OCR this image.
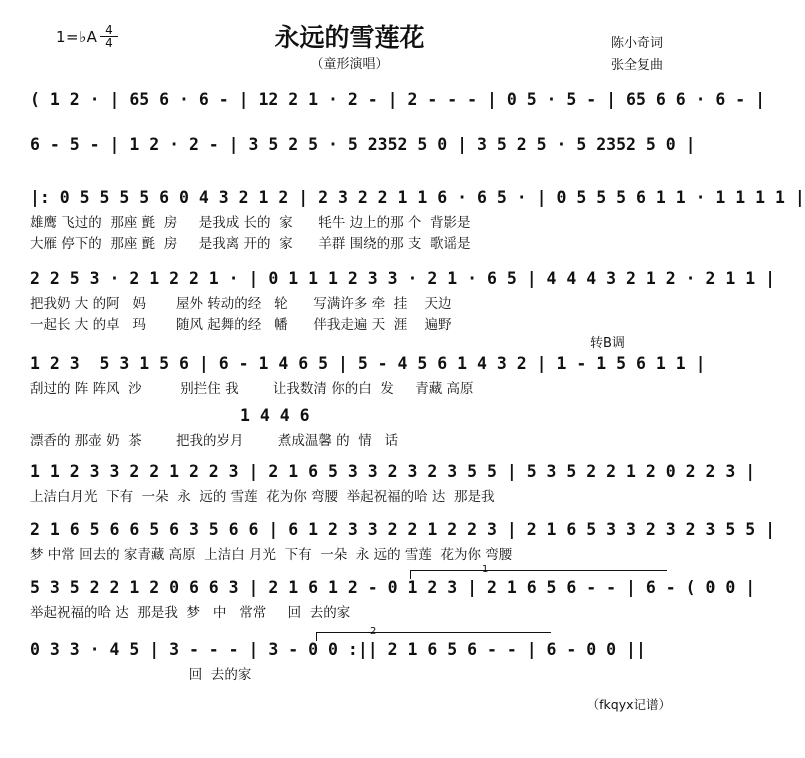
1=♭A $\frac{4}{4}$	永远的雪莲花
（童形演唱）
陈小奇词
张全复曲
( 1 2 · | 65 6 · 6 - | 12 2 1 · 2 - | 2 - - - | 0 5 · 5 - | 65 6 6 · 6 - |
6 - 5 - | 1 2 · 2 - | 3 5 2 5 · 5 2352 5 0 | 3 5 2 5 · 5 2352 5 0 |
|: 0 5 5 5 5 6 0 4 3 2 1 2 | 2 3 2 2 1 1 6 · 6 5 · | 0 5 5 5 6 1 1 · 1 1 1 1 |
雄鹰 飞过的  那座 氈  房     是我成 长的  家      牦牛 边上的那 个  背影是
大雁 停下的  那座 氈  房     是我离 开的  家      羊群 围绕的那 支  歌谣是
2 2 5 3 · 2 1 2 2 1 · | 0 1 1 1 2 3 3 · 2 1 · 6 5 | 4 4 4 3 2 1 2 · 2 1 1 |
把我奶 大 的阿   妈       屋外 转动的经   轮      写满许多 牵  挂    天边
一起长 大 的卓   玛       随风 起舞的经   幡      伴我走遍 天  涯    遍野
转B调
1 2 3  5 3 1 5 6 | 6 - 1 4 6 5 | 5 - 4 5 6 1 4 3 2 | 1 - 1 5 6 1 1 |
刮过的 阵 阵风  沙         别拦住 我        让我数清 你的白  发     青藏 高原
1 4 4 6
漂香的 那壶 奶  茶        把我的岁月        煮成温馨 的  情   话
1 1 2 3 3 2 2 1 2 2 3 | 2 1 6 5 3 3 2 3 2 3 5 5 | 5 3 5 2 2 1 2 0 2 2 3 |
上洁白月光  下有  一朵  永  远的 雪莲  花为你 弯腰  举起祝福的哈 达  那是我
2 1 6 5 6 6 5 6 3 5 6 6 | 6 1 2 3 3 2 2 1 2 2 3 | 2 1 6 5 3 3 2 3 2 3 5 5 |
梦 中常 回去的 家青藏 高原  上洁白 月光  下有  一朵  永 远的 雪莲  花为你 弯腰
1
5 3 5 2 2 1 2 0 6 6 3 | 2 1 6 1 2 - 0 1 2 3 | 2 1 6 5 6 - - | 6 - ( 0 0 |
举起祝福的哈 达  那是我  梦   中   常常     回  去的家
2
0 3 3 · 4 5 | 3 - - - | 3 - 0 0 :|| 2 1 6 5 6 - - | 6 - 0 0 ||
回  去的家
（fkqyx记谱）
